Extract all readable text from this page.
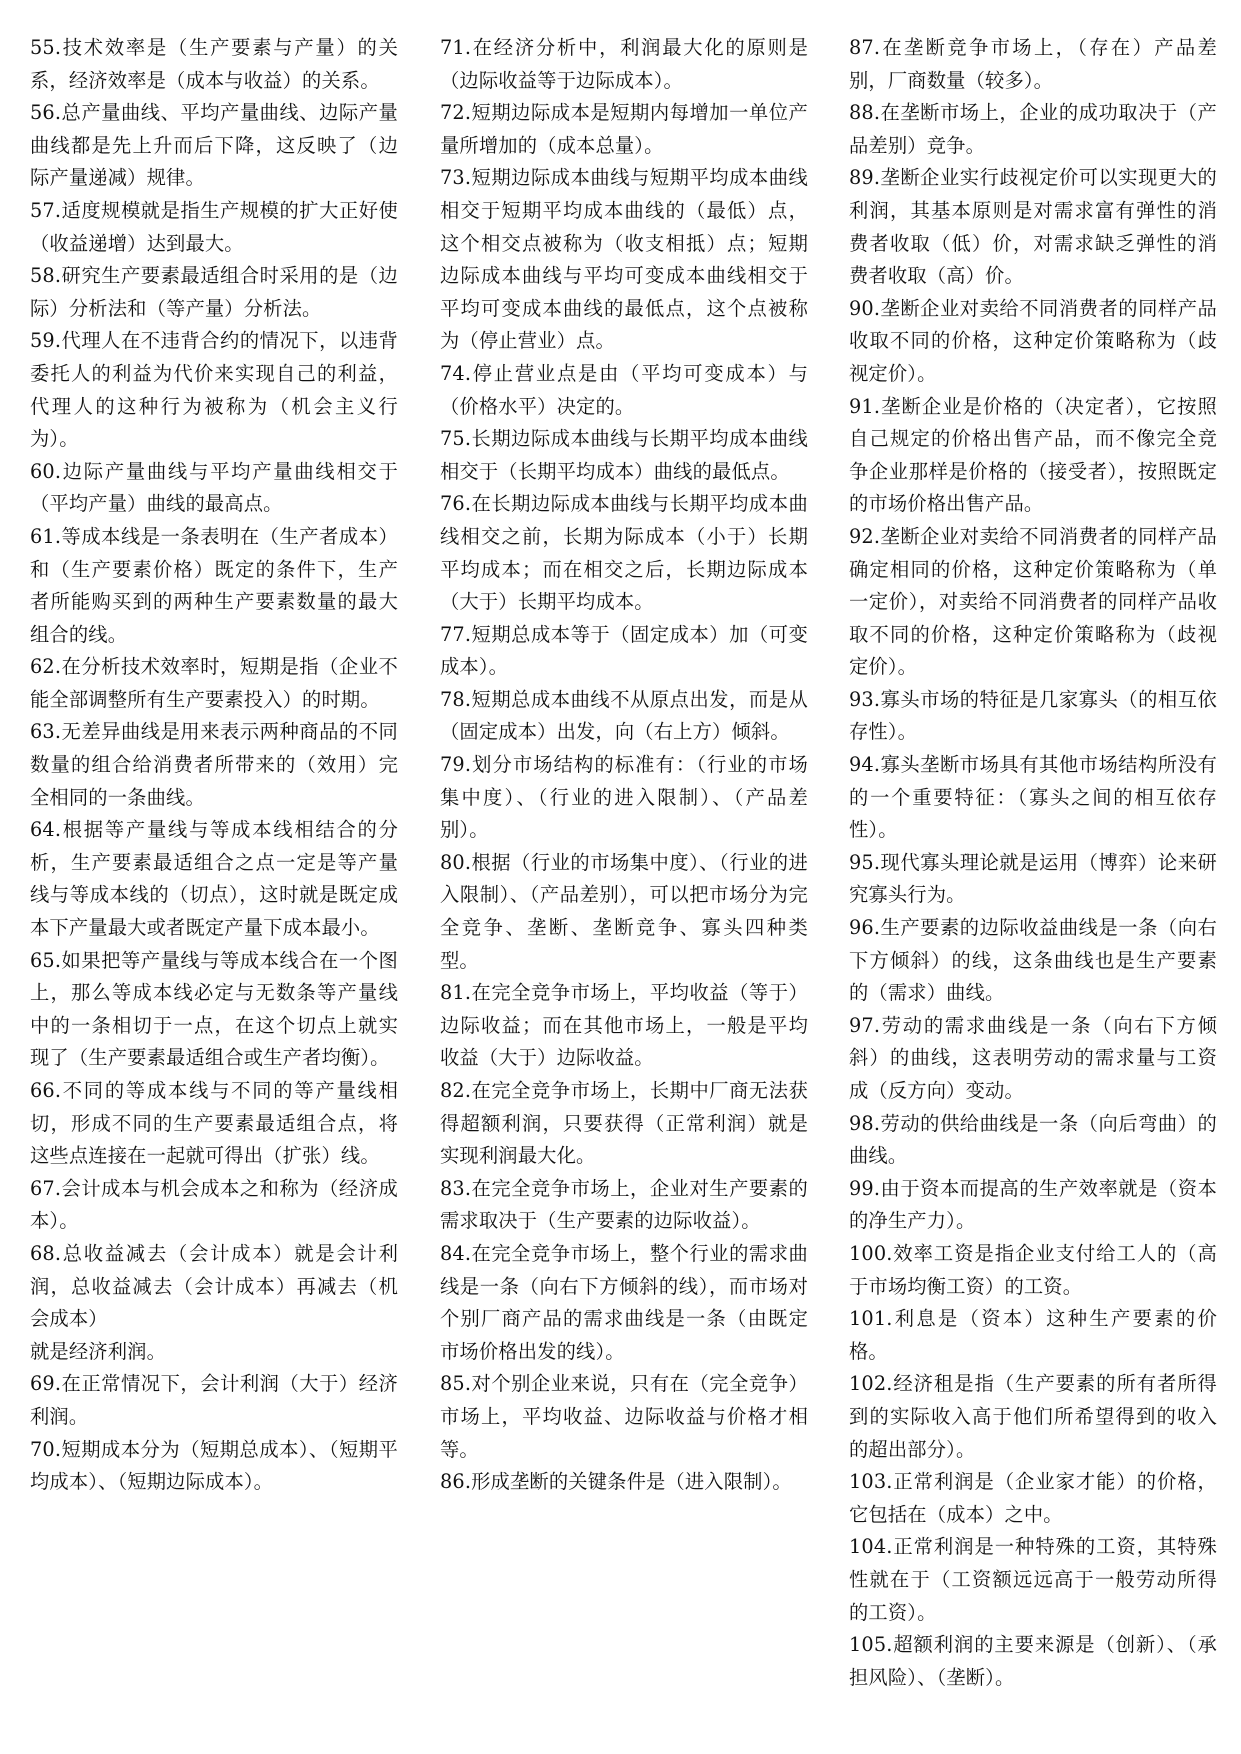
55.技术效率是（生产要素与产量）的关系，经济效率是（成本与收益）的关系。

56.总产量曲线、平均产量曲线、边际产量曲线都是先上升而后下降，这反映了（边际产量递减）规律。

57.适度规模就是指生产规模的扩大正好使（收益递增）达到最大。

58.研究生产要素最适组合时采用的是（边际）分析法和（等产量）分析法。

59.代理人在不违背合约的情况下，以违背委托人的利益为代价来实现自己的利益，代理人的这种行为被称为（机会主义行为）。

60.边际产量曲线与平均产量曲线相交于（平均产量）曲线的最高点。

61.等成本线是一条表明在（生产者成本）和（生产要素价格）既定的条件下，生产者所能购买到的两种生产要素数量的最大组合的线。

62.在分析技术效率时，短期是指（企业不能全部调整所有生产要素投入）的时期。

63.无差异曲线是用来表示两种商品的不同数量的组合给消费者所带来的（效用）完全相同的一条曲线。

64.根据等产量线与等成本线相结合的分析，生产要素最适组合之点一定是等产量线与等成本线的（切点），这时就是既定成本下产量最大或者既定产量下成本最小。

65.如果把等产量线与等成本线合在一个图上，那么等成本线必定与无数条等产量线中的一条相切于一点，在这个切点上就实现了（生产要素最适组合或生产者均衡）。

66.不同的等成本线与不同的等产量线相切，形成不同的生产要素最适组合点，将这些点连接在一起就可得出（扩张）线。

67.会计成本与机会成本之和称为（经济成本）。

68.总收益减去（会计成本）就是会计利润，总收益减去（会计成本）再减去（机会成本）
就是经济利润。

69.在正常情况下，会计利润（大于）经济利润。

70.短期成本分为（短期总成本）、（短期平均成本）、（短期边际成本）。

71.在经济分析中，利润最大化的原则是（边际收益等于边际成本）。

72.短期边际成本是短期内每增加一单位产量所增加的（成本总量）。

73.短期边际成本曲线与短期平均成本曲线相交于短期平均成本曲线的（最低）点，这个相交点被称为（收支相抵）点；短期边际成本曲线与平均可变成本曲线相交于平均可变成本曲线的最低点，这个点被称为（停止营业）点。

74.停止营业点是由（平均可变成本）与（价格水平）决定的。

75.长期边际成本曲线与长期平均成本曲线相交于（长期平均成本）曲线的最低点。

76.在长期边际成本曲线与长期平均成本曲线相交之前，长期为际成本（小于）长期平均成本；而在相交之后，长期边际成本（大于）长期平均成本。

77.短期总成本等于（固定成本）加（可变成本）。

78.短期总成本曲线不从原点出发，而是从（固定成本）出发，向（右上方）倾斜。

79.划分市场结构的标准有：（行业的市场集中度）、（行业的进入限制）、（产品差别）。

80.根据（行业的市场集中度）、（行业的进入限制）、（产品差别），可以把市场分为完全竞争、垄断、垄断竞争、寡头四种类型。

81.在完全竞争市场上，平均收益（等于）边际收益；而在其他市场上，一般是平均收益（大于）边际收益。

82.在完全竞争市场上，长期中厂商无法获得超额利润，只要获得（正常利润）就是实现利润最大化。

83.在完全竞争市场上，企业对生产要素的需求取决于（生产要素的边际收益）。

84.在完全竞争市场上，整个行业的需求曲线是一条（向右下方倾斜的线），而市场对个别厂商产品的需求曲线是一条（由既定市场价格出发的线）。

85.对个别企业来说，只有在（完全竞争）市场上，平均收益、边际收益与价格才相等。

86.形成垄断的关键条件是（进入限制）。

87.在垄断竞争市场上，（存在）产品差别，厂商数量（较多）。

88.在垄断市场上，企业的成功取决于（产品差别）竞争。

89.垄断企业实行歧视定价可以实现更大的利润，其基本原则是对需求富有弹性的消费者收取（低）价，对需求缺乏弹性的消费者收取（高）价。

90.垄断企业对卖给不同消费者的同样产品收取不同的价格，这种定价策略称为（歧视定价）。

91.垄断企业是价格的（决定者），它按照自己规定的价格出售产品，而不像完全竞争企业那样是价格的（接受者），按照既定的市场价格出售产品。

92.垄断企业对卖给不同消费者的同样产品确定相同的价格，这种定价策略称为（单一定价），对卖给不同消费者的同样产品收取不同的价格，这种定价策略称为（歧视定价）。

93.寡头市场的特征是几家寡头（的相互依存性）。

94.寡头垄断市场具有其他市场结构所没有的一个重要特征：（寡头之间的相互依存性）。

95.现代寡头理论就是运用（博弈）论来研究寡头行为。

96.生产要素的边际收益曲线是一条（向右下方倾斜）的线，这条曲线也是生产要素的（需求）曲线。

97.劳动的需求曲线是一条（向右下方倾斜）的曲线，这表明劳动的需求量与工资成（反方向）变动。

98.劳动的供给曲线是一条（向后弯曲）的曲线。

99.由于资本而提高的生产效率就是（资本的净生产力）。

100.效率工资是指企业支付给工人的（高于市场均衡工资）的工资。

101.利息是（资本）这种生产要素的价格。

102.经济租是指（生产要素的所有者所得到的实际收入高于他们所希望得到的收入的超出部分）。

103.正常利润是（企业家才能）的价格，它包括在（成本）之中。

104.正常利润是一种特殊的工资，其特殊性就在于（工资额远远高于一般劳动所得的工资）。

105.超额利润的主要来源是（创新）、（承担风险）、（垄断）。
